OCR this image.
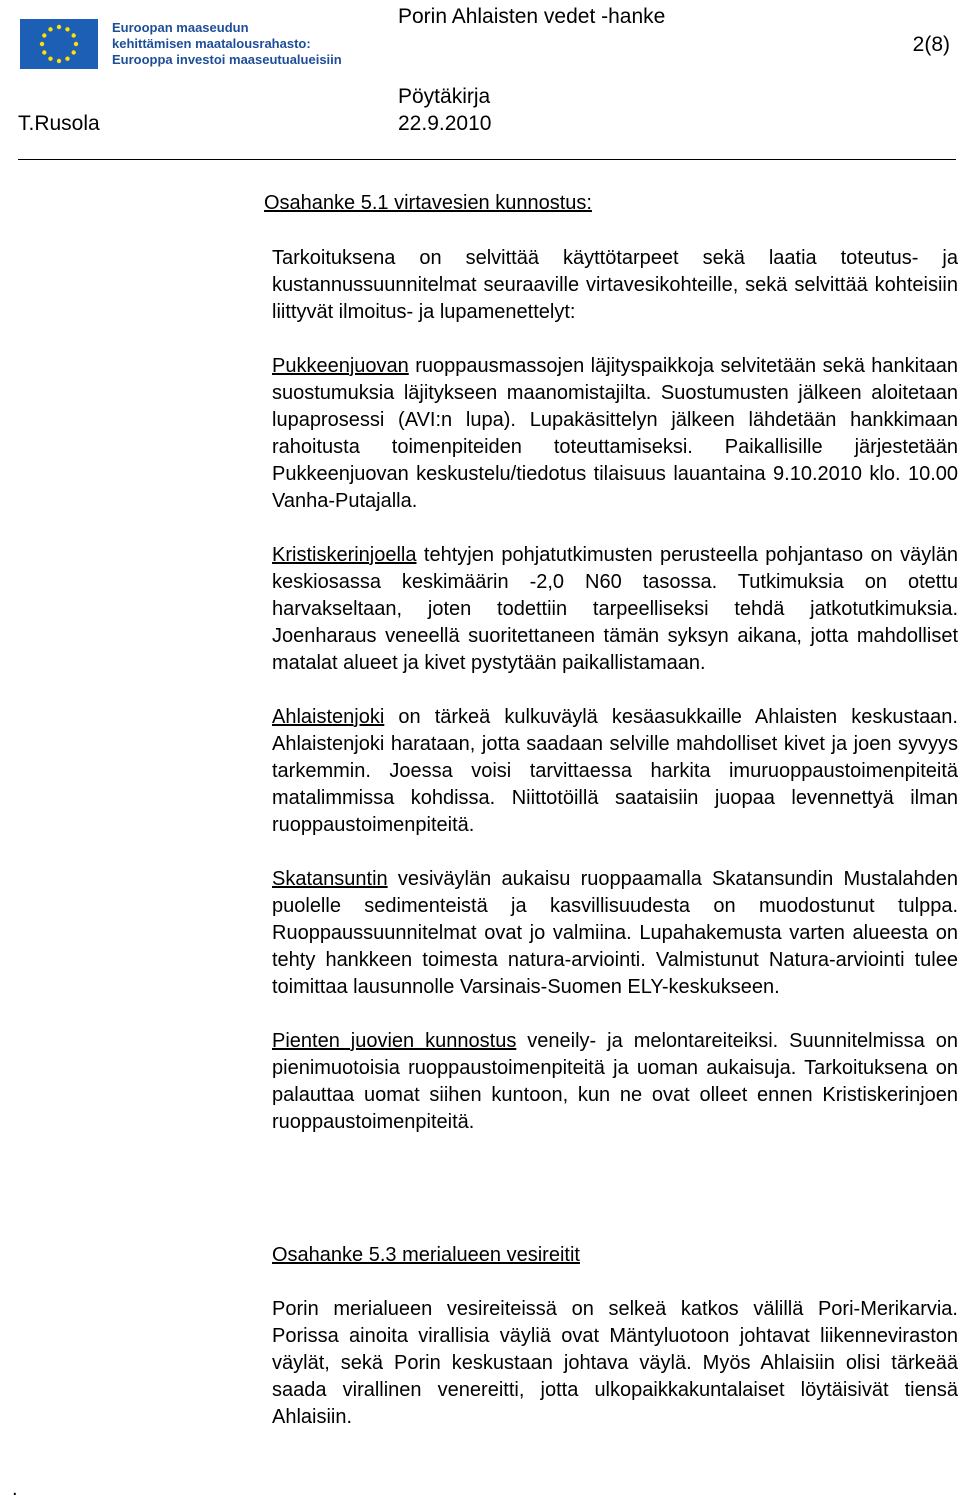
Euroopan maaseudun
kehittämisen maatalousrahasto:
Eurooppa investoi maaseutualueisiin
Porin Ahlaisten vedet -hanke
2(8)
Pöytäkirja
T.Rusola	22.9.2010
Osahanke 5.1 virtavesien kunnostus:

Tarkoituksena on selvittää käyttötarpeet sekä laatia toteutus- ja kustannussuunnitelmat seuraaville virtavesikohteille, sekä selvittää kohteisiin liittyvät ilmoitus- ja lupamenettelyt:

Pukkeenjuovan ruoppausmassojen läjityspaikkoja selvitetään sekä hankitaan suostumuksia läjitykseen maanomistajilta. Suostumusten jälkeen aloitetaan lupaprosessi (AVI:n lupa). Lupakäsittelyn jälkeen lähdetään hankkimaan rahoitusta toimenpiteiden toteuttamiseksi. Paikallisille järjestetään Pukkeenjuovan keskustelu/tiedotus tilaisuus lauantaina 9.10.2010 klo. 10.00 Vanha-Putajalla.

Kristiskerinjoella tehtyjen pohjatutkimusten perusteella pohjantaso on väylän keskiosassa keskimäärin -2,0 N60 tasossa. Tutkimuksia on otettu harvakseltaan, joten todettiin tarpeelliseksi tehdä jatkotutkimuksia. Joenharaus veneellä suoritettaneen tämän syksyn aikana, jotta mahdolliset matalat alueet ja kivet pystytään paikallistamaan.

Ahlaistenjoki on tärkeä kulkuväylä kesäasukkaille Ahlaisten keskustaan. Ahlaistenjoki haratаan, jotta saadaan selville mahdolliset kivet ja joen syvyys tarkemmin. Joessa voisi tarvittaessa harkita imuruoppaustoimenpiteitä matalimmissa kohdissa. Niittotöillä saataisiin juopaa levennettyä ilman ruoppaustoimenpiteitä.

Skatansuntin vesiväylän aukaisu ruoppaamalla Skatansundin Mustalahden puolelle sedimenteistä ja kasvillisuudesta on muodostunut tulppa. Ruoppaussuunnitelmat ovat jo valmiina. Lupahakemusta varten alueesta on tehty hankkeen toimesta natura-arviointi. Valmistunut Natura-arviointi tulee toimittaa lausunnolle Varsinais-Suomen ELY-keskukseen.

Pienten juovien kunnostus veneily- ja melontareiteiksi. Suunnitelmissa on pienimuotoisia ruoppaustoimenpiteitä ja uoman aukaisuja. Tarkoituksena on palauttaa uomat siihen kuntoon, kun ne ovat olleet ennen Kristiskerinjoen ruoppaustoimenpiteitä.

Osahanke 5.3 merialueen vesireitit

Porin merialueen vesireiteissä on selkeä katkos välillä Pori-Merikarvia. Porissa ainoita virallisia väyliä ovat Mäntyluotoon johtavat liikenneviraston väylät, sekä Porin keskustaan johtava väylä. Myös Ahlaisiin olisi tärkeää saada virallinen venereitti, jotta ulkopaikkakuntalaiset löytäisivät tiensä Ahlaisiin.

.
